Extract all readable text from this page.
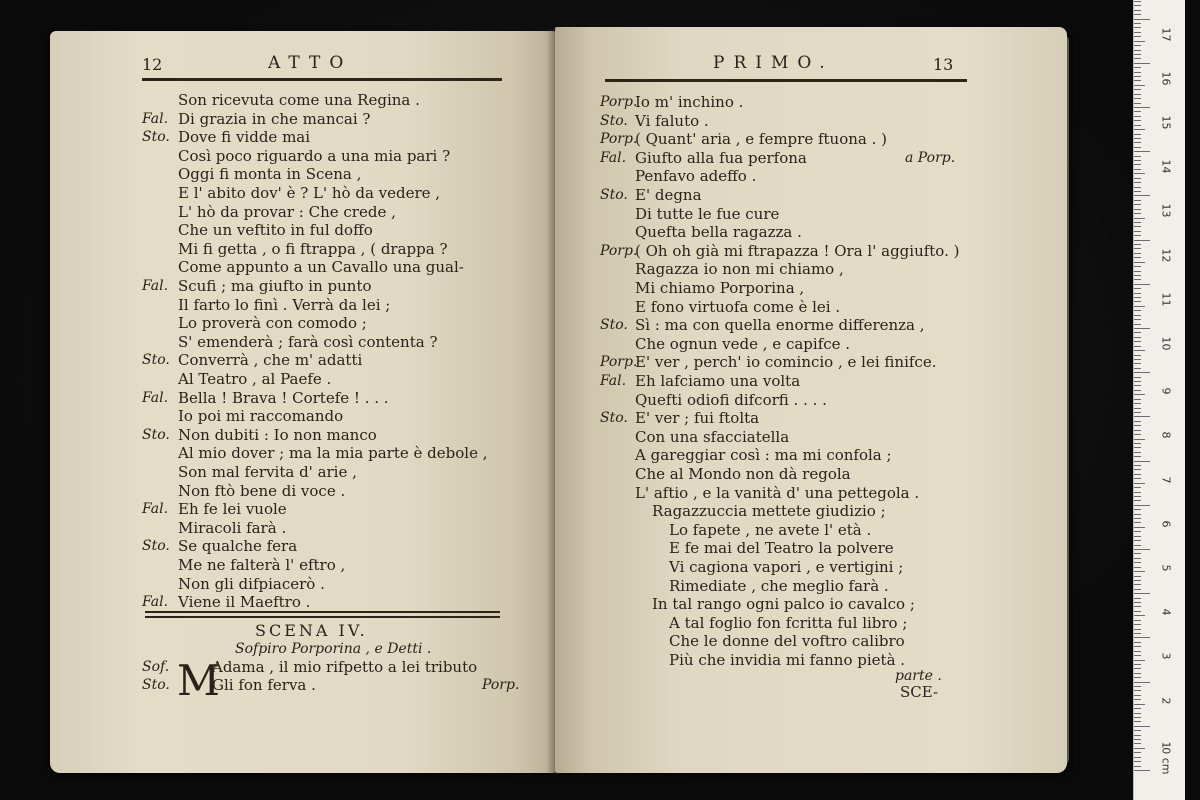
12	ATTO
Son ricevuta come una Regina .
Fal. Di grazia in che mancai ?
Sto. Dove fi vidde mai
Così poco riguardo a una mia pari ?
Oggi fi monta in Scena ,
E l' abito dov' è ? L' hò da vedere ,
L' hò da provar : Che crede ,
Che un veftito in ful doffo
Mi fi getta , o fi ftrappa , ( drappa ?
Come appunto a un Cavallo una gual-
Fal. Scufi ; ma giufto in punto
Il farto lo finì . Verrà da lei ;
Lo proverà con comodo ;
S' emenderà ; farà così contenta ?
Sto. Converrà , che m' adatti
Al Teatro , al Paefe .
Fal. Bella ! Brava ! Cortefe ! . . .
Io poi mi raccomando
Sto. Non dubiti : Io non manco
Al mio dover ; ma la mia parte è debole ,
Son mal fervita d' arie ,
Non ftò bene di voce .
Fal. Eh fe lei vuole
Miracoli farà .
Sto. Se qualche fera
Me ne falterà l' eftro ,
Non gli difpiacerò .
Fal. Viene il Maeftro .
SCENA IV.
Sofpiro Porporina , e Detti .
M
Sof.	Adama , il mio rifpetto a lei tributo
Sto.	Gli fon ferva .	Porp.
PRIMO.	13
Porp.
Io m' inchino .
Sto. Vi faluto .
Porp.
( Quant' aria , e fempre ftuona . )
Fal. Giufto alla fua perfona	a Porp.
Penfavo adeffo .
Sto. E' degna
Di tutte le fue cure
Quefta bella ragazza .
Porp.
( Oh oh già mi ftrapazza ! Ora l' aggiufto. )
Ragazza io non mi chiamo ,
Mi chiamo Porporina ,
E fono virtuofa come è lei .
Sto. Sì : ma con quella enorme differenza ,
Che ognun vede , e capifce .
Porp.
E' ver , perch' io comincio , e lei finifce.
Fal. Eh lafciamo una volta
Quefti odiofi difcorfi . . . .
Sto. E' ver ; fui ftolta
Con una sfacciatella
A gareggiar così : ma mi confola ;
Che al Mondo non dà regola
L' aftio , e la vanità d' una pettegola .
Ragazzuccia mettete giudizio ;
Lo fapete , ne avete l' età .
E fe mai del Teatro la polvere
Vi cagiona vapori , e vertigini ;
Rimediate , che meglio farà .
In tal rango ogni palco io cavalco ;
A tal foglio fon fcritta ful libro ;
Che le donne del voftro calibro
Più che invidia mi fanno pietà .
parte .
SCE-
0 cm
1
2
3
4
5
6
7
8
9
10
11
12
13
14
15
16
17
